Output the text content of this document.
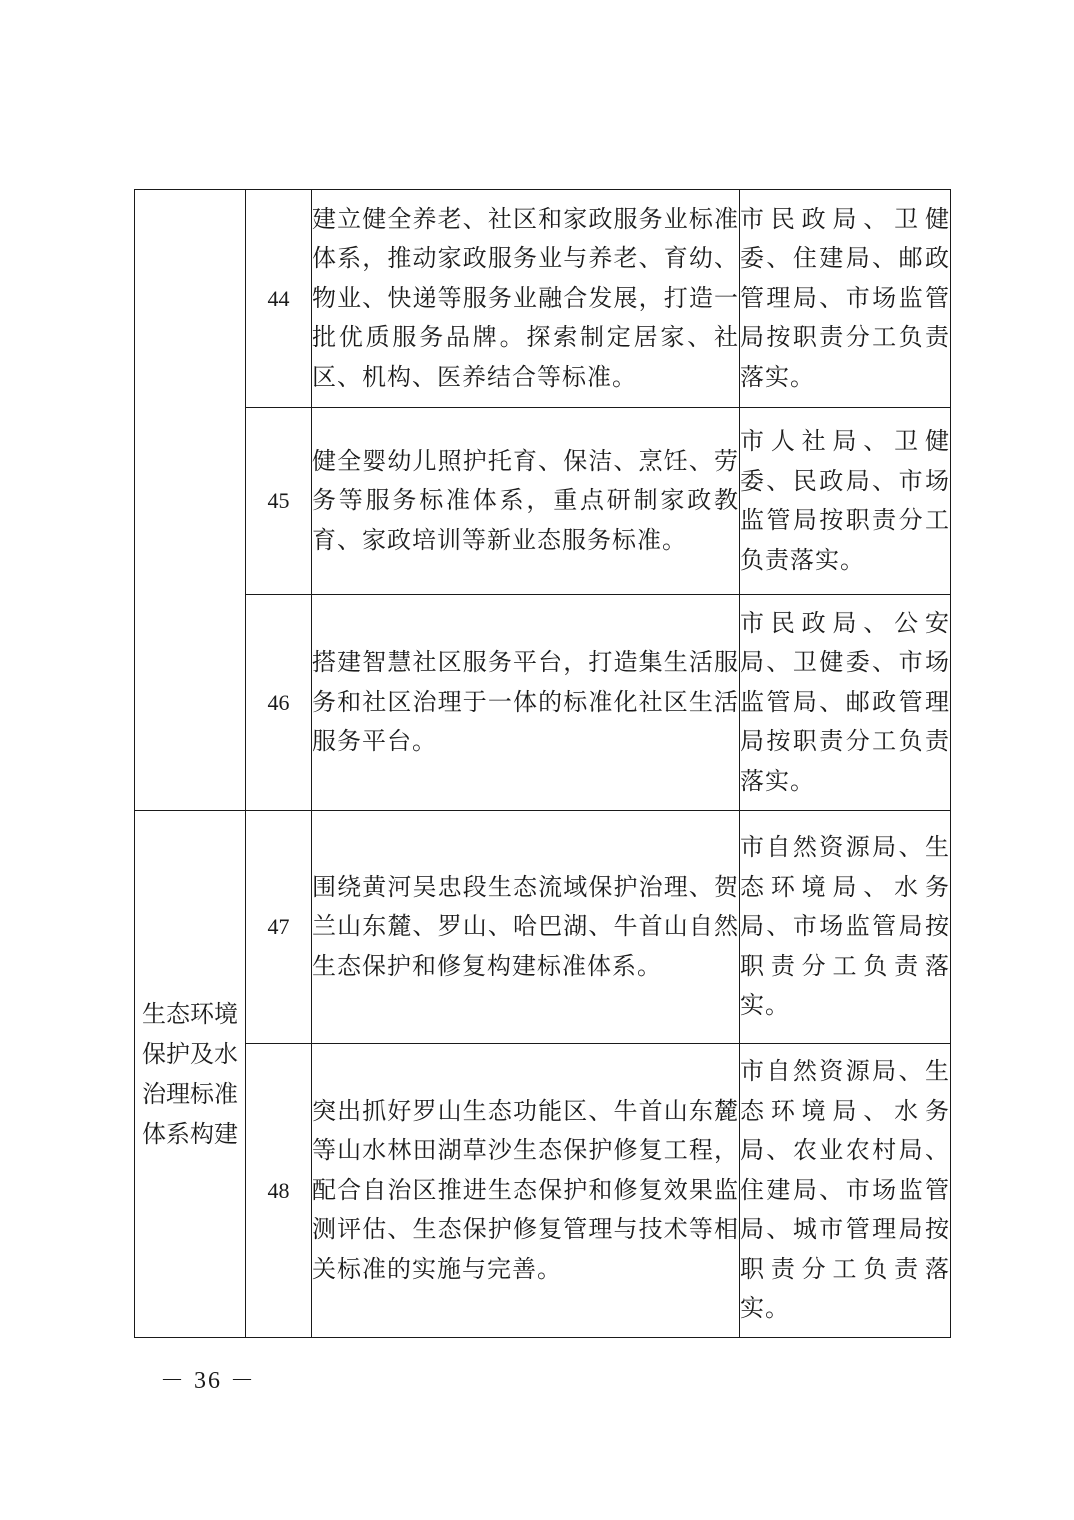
	44	建立健全养老、社区和家政服务业标准体系，推动家政服务业与养老、育幼、物业、快递等服务业融合发展，打造一批优质服务品牌。探索制定居家、社区、机构、医养结合等标准。	市民政局、卫健委、住建局、邮政管理局、市场监管局按职责分工负责落实。
	45	健全婴幼儿照护托育、保洁、烹饪、劳务等服务标准体系，重点研制家政教育、家政培训等新业态服务标准。	市人社局、卫健委、民政局、市场监管局按职责分工负责落实。
	46	搭建智慧社区服务平台，打造集生活服务和社区治理于一体的标准化社区生活服务平台。	市民政局、公安局、卫健委、市场监管局、邮政管理局按职责分工负责落实。
生态环境保护及水治理标准体系构建	47	围绕黄河吴忠段生态流域保护治理、贺兰山东麓、罗山、哈巴湖、牛首山自然生态保护和修复构建标准体系。	市自然资源局、生态环境局、水务局、市场监管局按职责分工负责落实。
	48	突出抓好罗山生态功能区、牛首山东麓等山水林田湖草沙生态保护修复工程，配合自治区推进生态保护和修复效果监测评估、生态保护修复管理与技术等相关标准的实施与完善。	市自然资源局、生态环境局、水务局、农业农村局、住建局、市场监管局、城市管理局按职责分工负责落实。
－ 36 －
